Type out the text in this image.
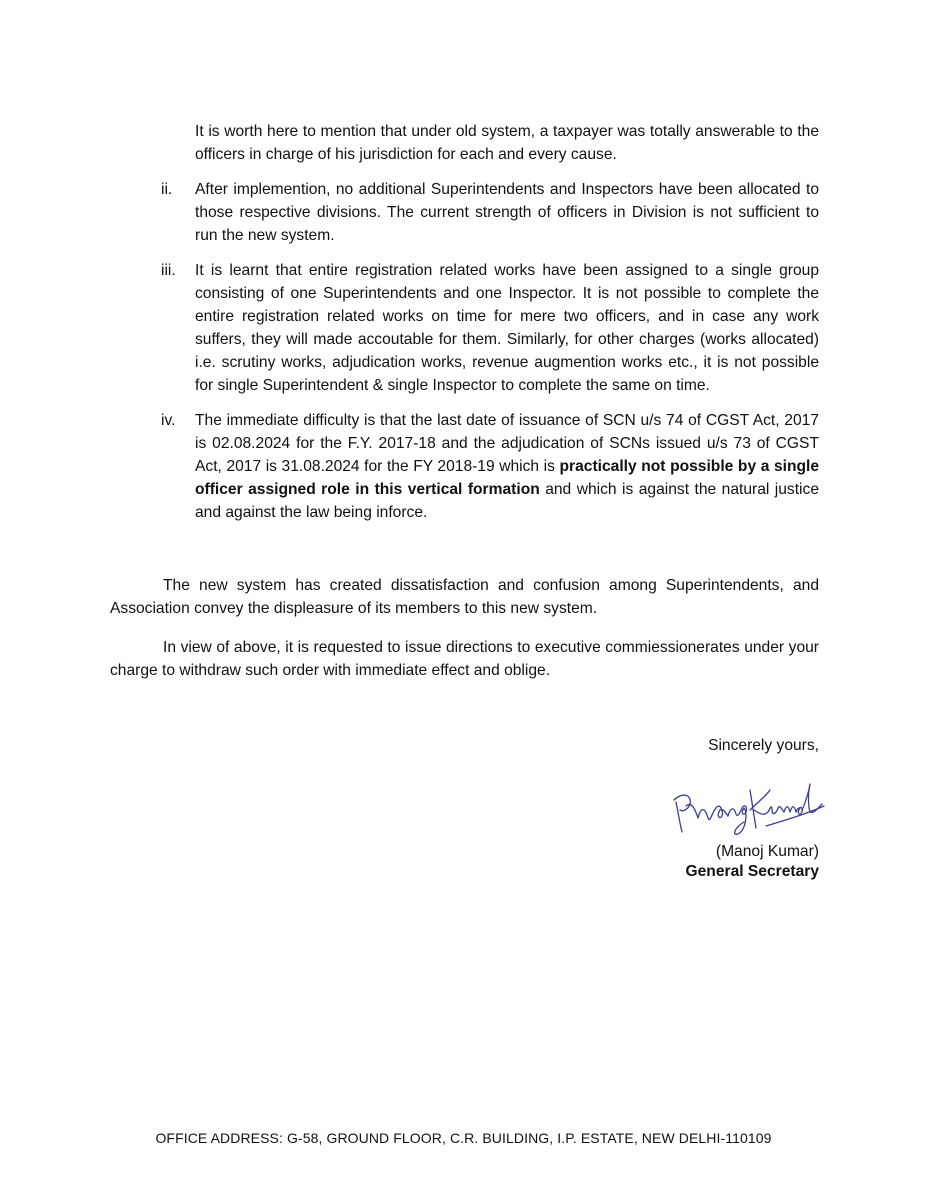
It is worth here to mention that under old system, a taxpayer was totally answerable to the officers in charge of his jurisdiction for each and every cause.

ii. After implemention, no additional Superintendents and Inspectors have been allocated to those respective divisions. The current strength of officers in Division is not sufficient to run the new system.
iii. It is learnt that entire registration related works have been assigned to a single group consisting of one Superintendents and one Inspector. It is not possible to complete the entire registration related works on time for mere two officers, and in case any work suffers, they will made accoutable for them. Similarly, for other charges (works allocated) i.e. scrutiny works, adjudication works, revenue augmention works etc., it is not possible for single Superintendent & single Inspector to complete the same on time.
iv. The immediate difficulty is that the last date of issuance of SCN u/s 74 of CGST Act, 2017 is 02.08.2024 for the F.Y. 2017-18 and the adjudication of SCNs issued u/s 73 of CGST Act, 2017 is 31.08.2024 for the FY 2018-19 which is practically not possible by a single officer assigned role in this vertical formation and which is against the natural justice and against the law being inforce.

The new system has created dissatisfaction and confusion among Superintendents, and Association convey the displeasure of its members to this new system.

In view of above, it is requested to issue directions to executive commiessionerates under your charge to withdraw such order with immediate effect and oblige.

Sincerely yours,

(Manoj Kumar)

General Secretary

OFFICE ADDRESS: G-58, GROUND FLOOR, C.R. BUILDING, I.P. ESTATE, NEW DELHI-110109
